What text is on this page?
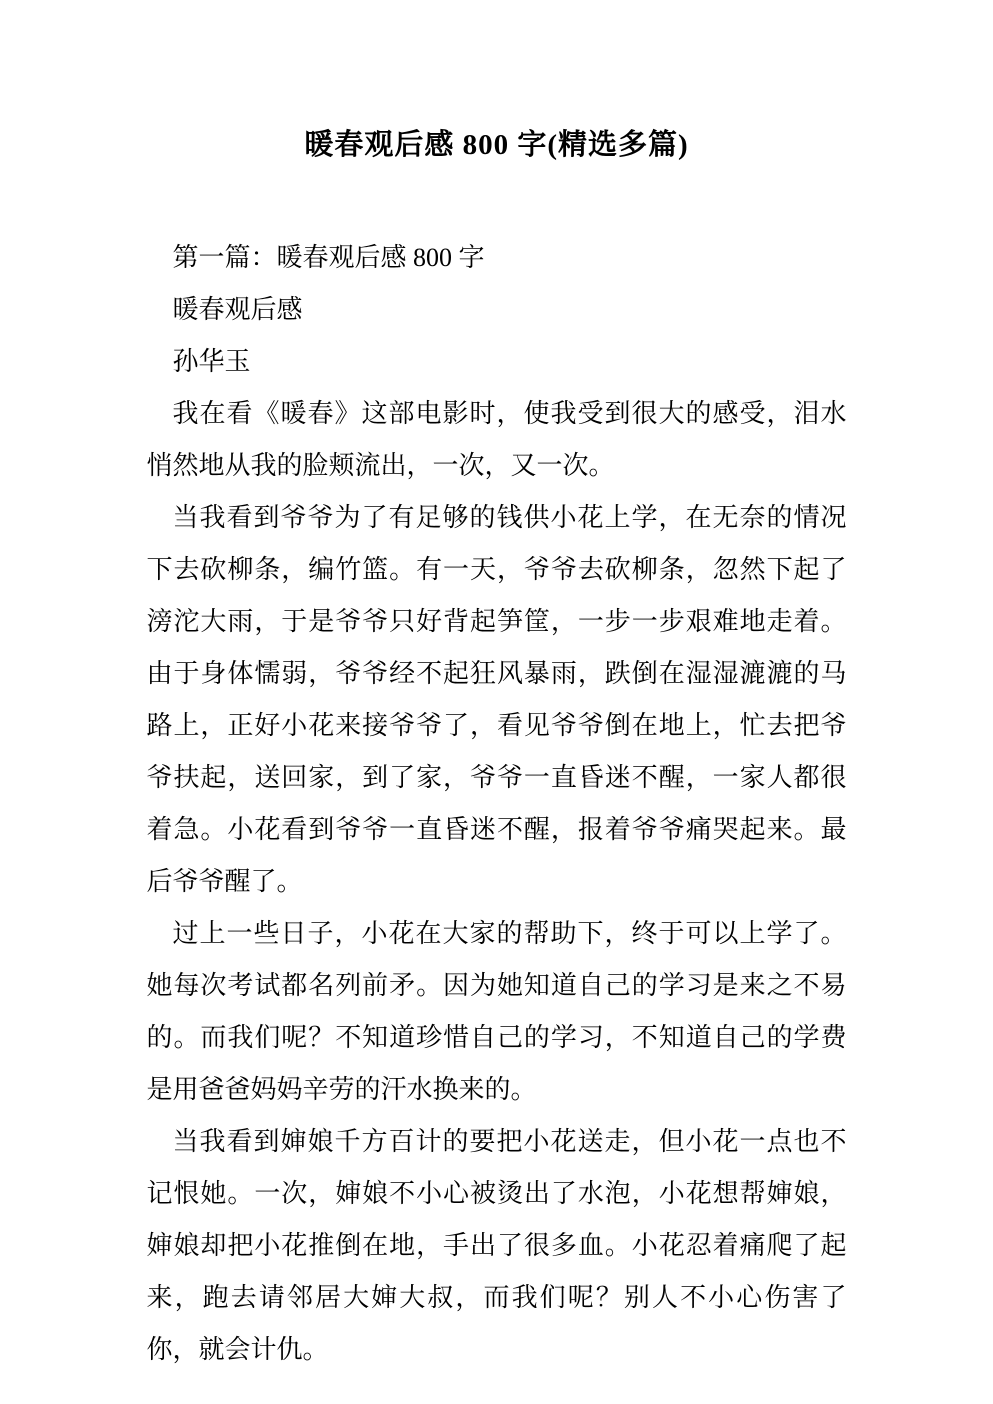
暖春观后感 800 字(精选多篇)

第一篇：暖春观后感 800 字

暖春观后感

孙华玉

我在看《暖春》这部电影时，使我受到很大的感受，泪水悄然地从我的脸颊流出，一次，又一次。

当我看到爷爷为了有足够的钱供小花上学，在无奈的情况下去砍柳条，编竹篮。有一天，爷爷去砍柳条，忽然下起了滂沱大雨，于是爷爷只好背起笋筐，一步一步艰难地走着。由于身体懦弱，爷爷经不起狂风暴雨，跌倒在湿湿漉漉的马路上，正好小花来接爷爷了，看见爷爷倒在地上，忙去把爷爷扶起，送回家，到了家，爷爷一直昏迷不醒，一家人都很着急。小花看到爷爷一直昏迷不醒，报着爷爷痛哭起来。最后爷爷醒了。

过上一些日子，小花在大家的帮助下，终于可以上学了。她每次考试都名列前矛。因为她知道自己的学习是来之不易的。而我们呢？不知道珍惜自己的学习，不知道自己的学费是用爸爸妈妈辛劳的汗水换来的。

当我看到婶娘千方百计的要把小花送走，但小花一点也不记恨她。一次，婶娘不小心被烫出了水泡，小花想帮婶娘，婶娘却把小花推倒在地，手出了很多血。小花忍着痛爬了起来，跑去请邻居大婶大叔，而我们呢？别人不小心伤害了你，就会计仇。
